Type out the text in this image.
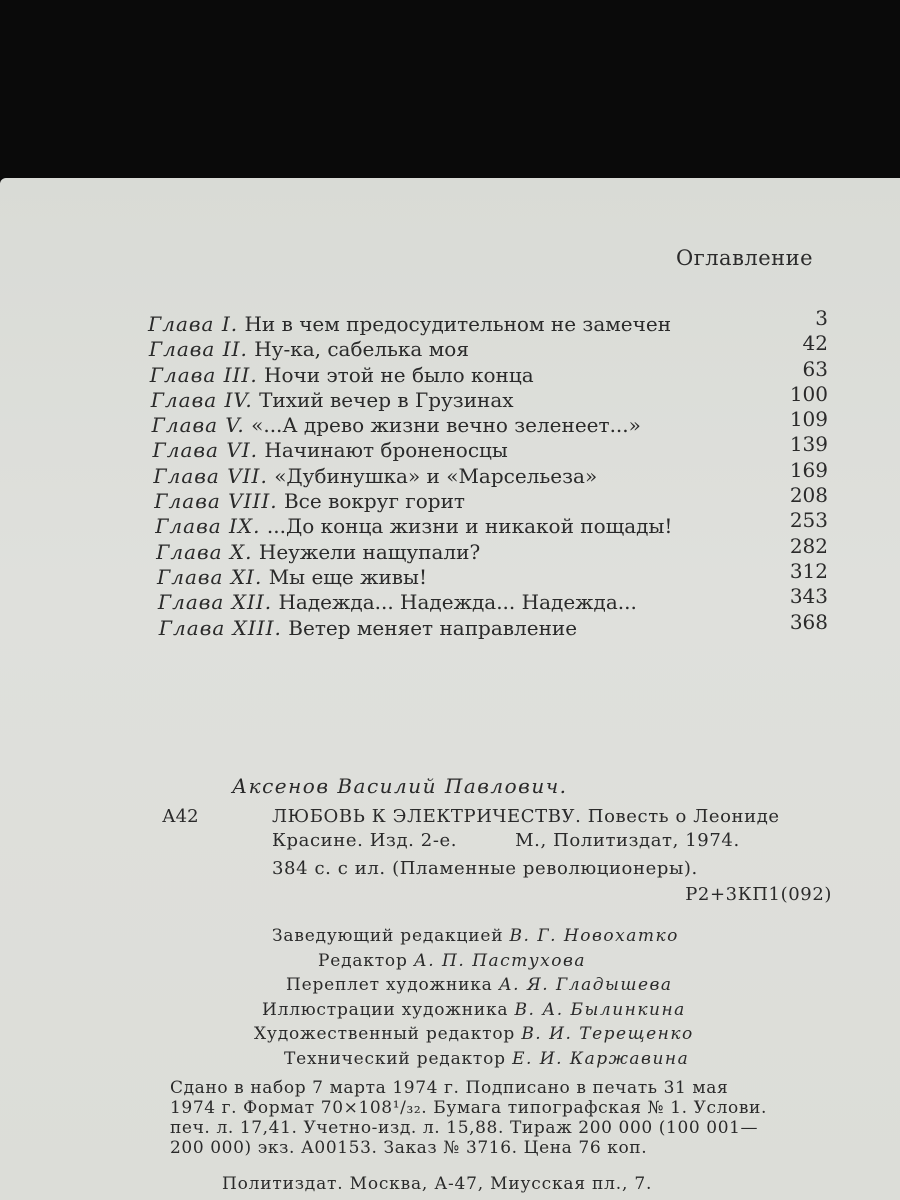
Оглавление
Глава I. Ни в чем предосудительном не замечен	3
Глава II. Ну-ка, сабелька моя	42
Глава III. Ночи этой не было конца	63
Глава IV. Тихий вечер в Грузинах	100
Глава V. «...А древо жизни вечно зеленеет...»	109
Глава VI. Начинают броненосцы	139
Глава VII. «Дубинушка» и «Марсельеза»	169
Глава VIII. Все вокруг горит	208
Глава IX. ...До конца жизни и никакой пощады!	253
Глава X. Неужели нащупали?	282
Глава XI. Мы еще живы!	312
Глава XII. Надежда... Надежда... Надежда...	343
Глава XIII. Ветер меняет направление	368
Аксенов Василий Павлович.
А42	ЛЮБОВЬ К ЭЛЕКТРИЧЕСТВУ. Повесть о Леониде
Красине. Изд. 2-е.	М., Политиздат, 1974.
384 с. с ил. (Пламенные революционеры).
Р2+3КП1(092)
Заведующий редакцией В. Г. Новохатко
Редактор А. П. Пастухова
Переплет художника А. Я. Гладышева
Иллюстрации художника В. А. Былинкина
Художественный редактор В. И. Терещенко
Технический редактор Е. И. Каржавина
Сдано в набор 7 марта 1974 г. Подписано в печать 31 мая
1974 г. Формат 70×108¹/₃₂. Бумага типографская № 1. Услови.
печ. л. 17,41. Учетно-изд. л. 15,88. Тираж 200 000 (100 001—
200 000) экз. А00153. Заказ № 3716. Цена 76 коп.
Политиздат. Москва, А-47, Миусская пл., 7.
